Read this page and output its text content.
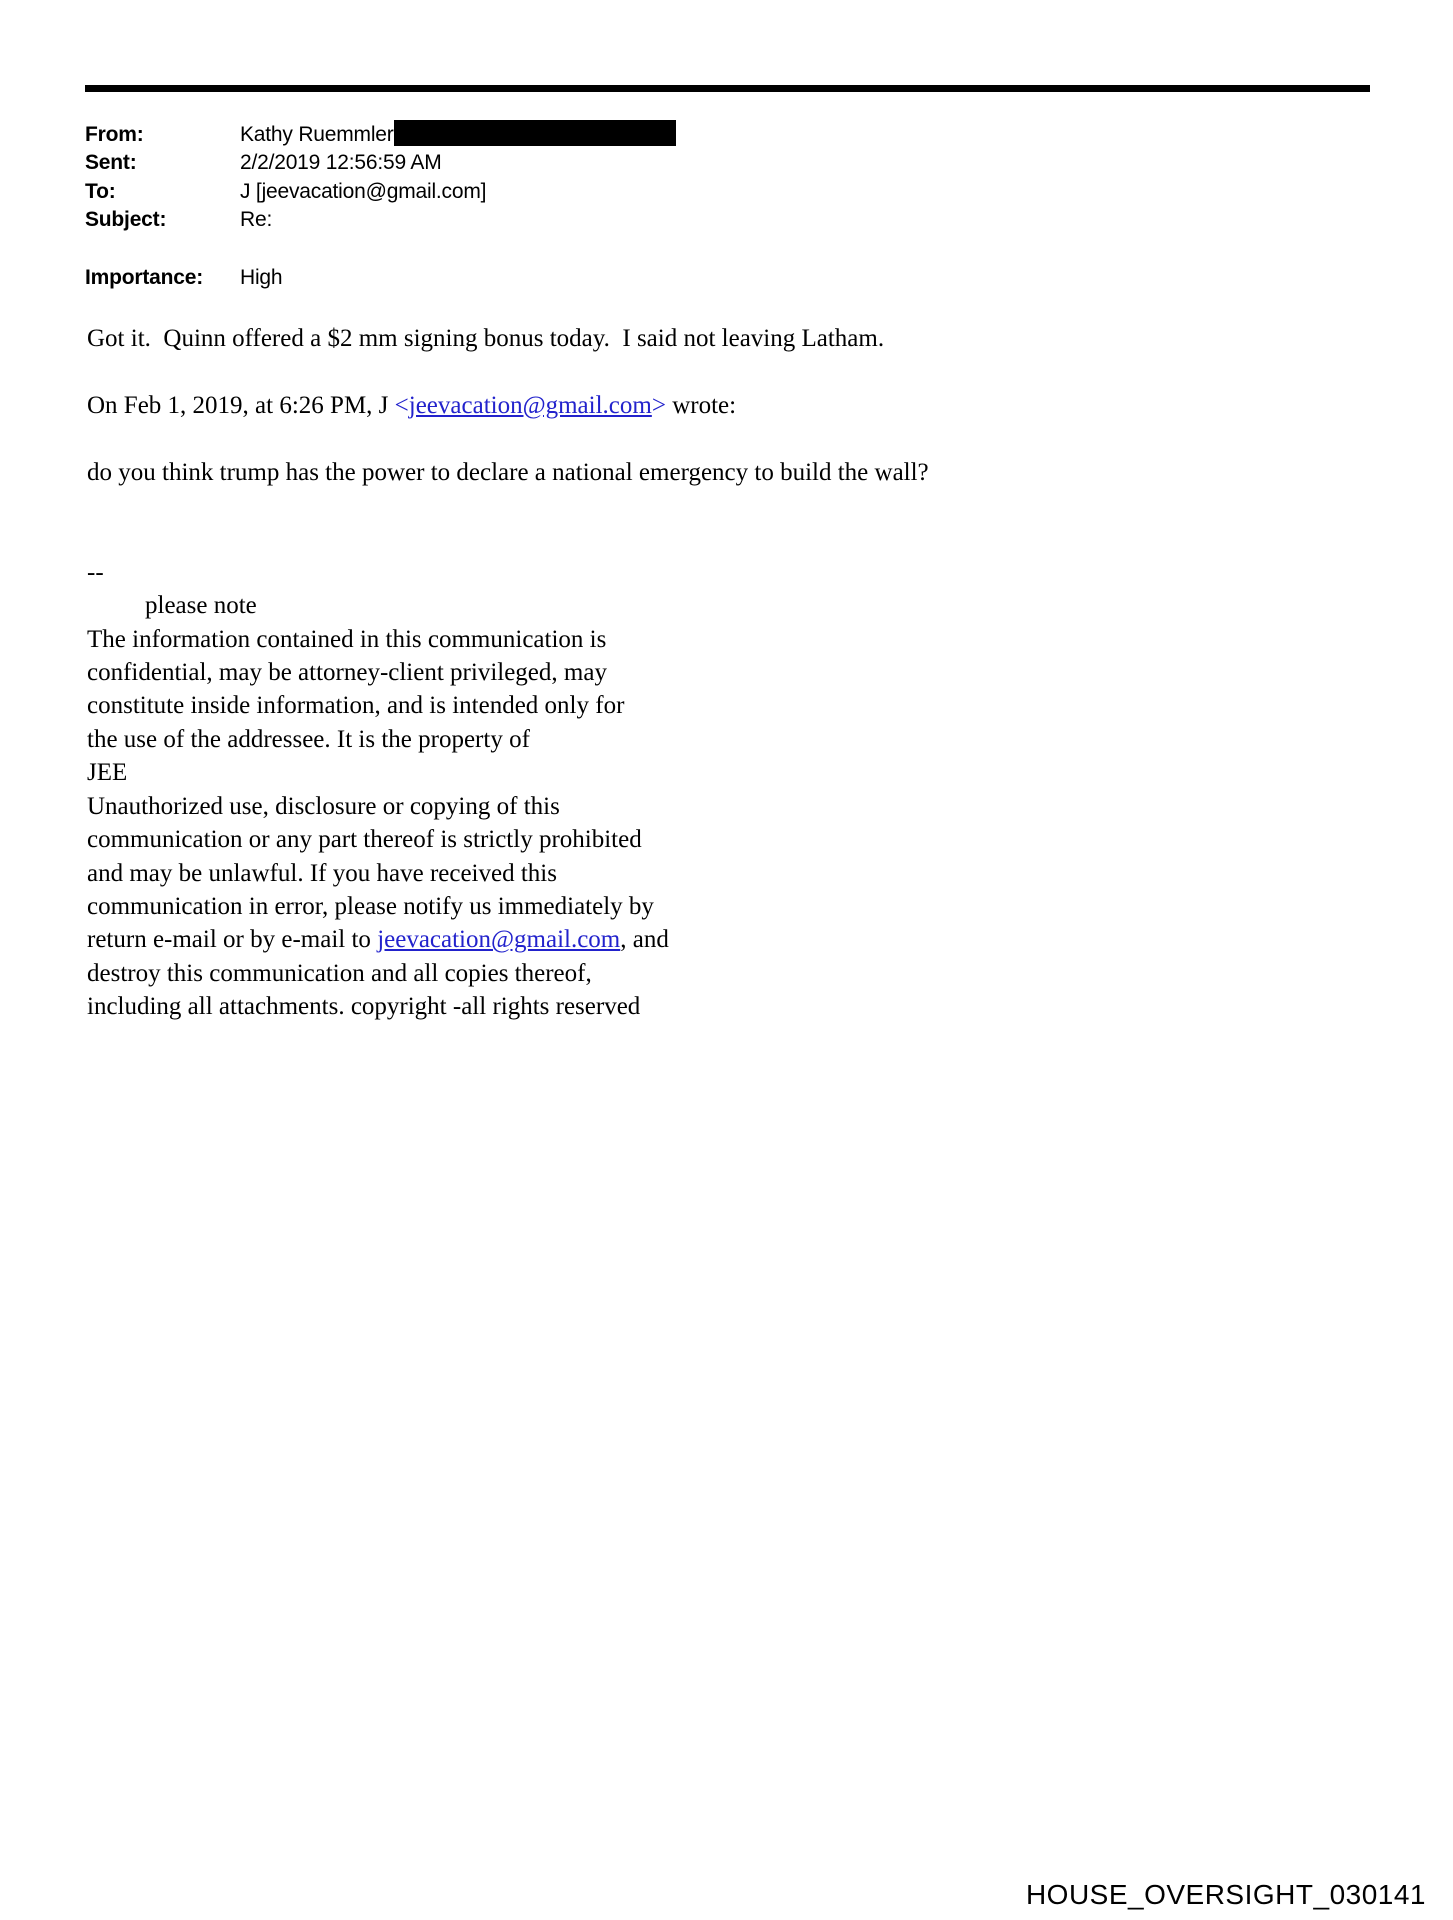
From:	Kathy Ruemmler
Sent:	2/2/2019 12:56:59 AM
To:	J [jeevacation@gmail.com]
Subject:	Re:
Importance:	High
Got it.  Quinn offered a $2 mm signing bonus today.  I said not leaving Latham.

On Feb 1, 2019, at 6:26 PM, J <jeevacation@gmail.com> wrote:

do you think trump has the power to declare a national emergency to build the wall?

--
please note
The information contained in this communication is
confidential, may be attorney-client privileged, may
constitute inside information, and is intended only for
the use of the addressee. It is the property of
JEE
Unauthorized use, disclosure or copying of this
communication or any part thereof is strictly prohibited
and may be unlawful. If you have received this
communication in error, please notify us immediately by
return e-mail or by e-mail to jeevacation@gmail.com, and
destroy this communication and all copies thereof,
including all attachments. copyright -all rights reserved
HOUSE_OVERSIGHT_030141
